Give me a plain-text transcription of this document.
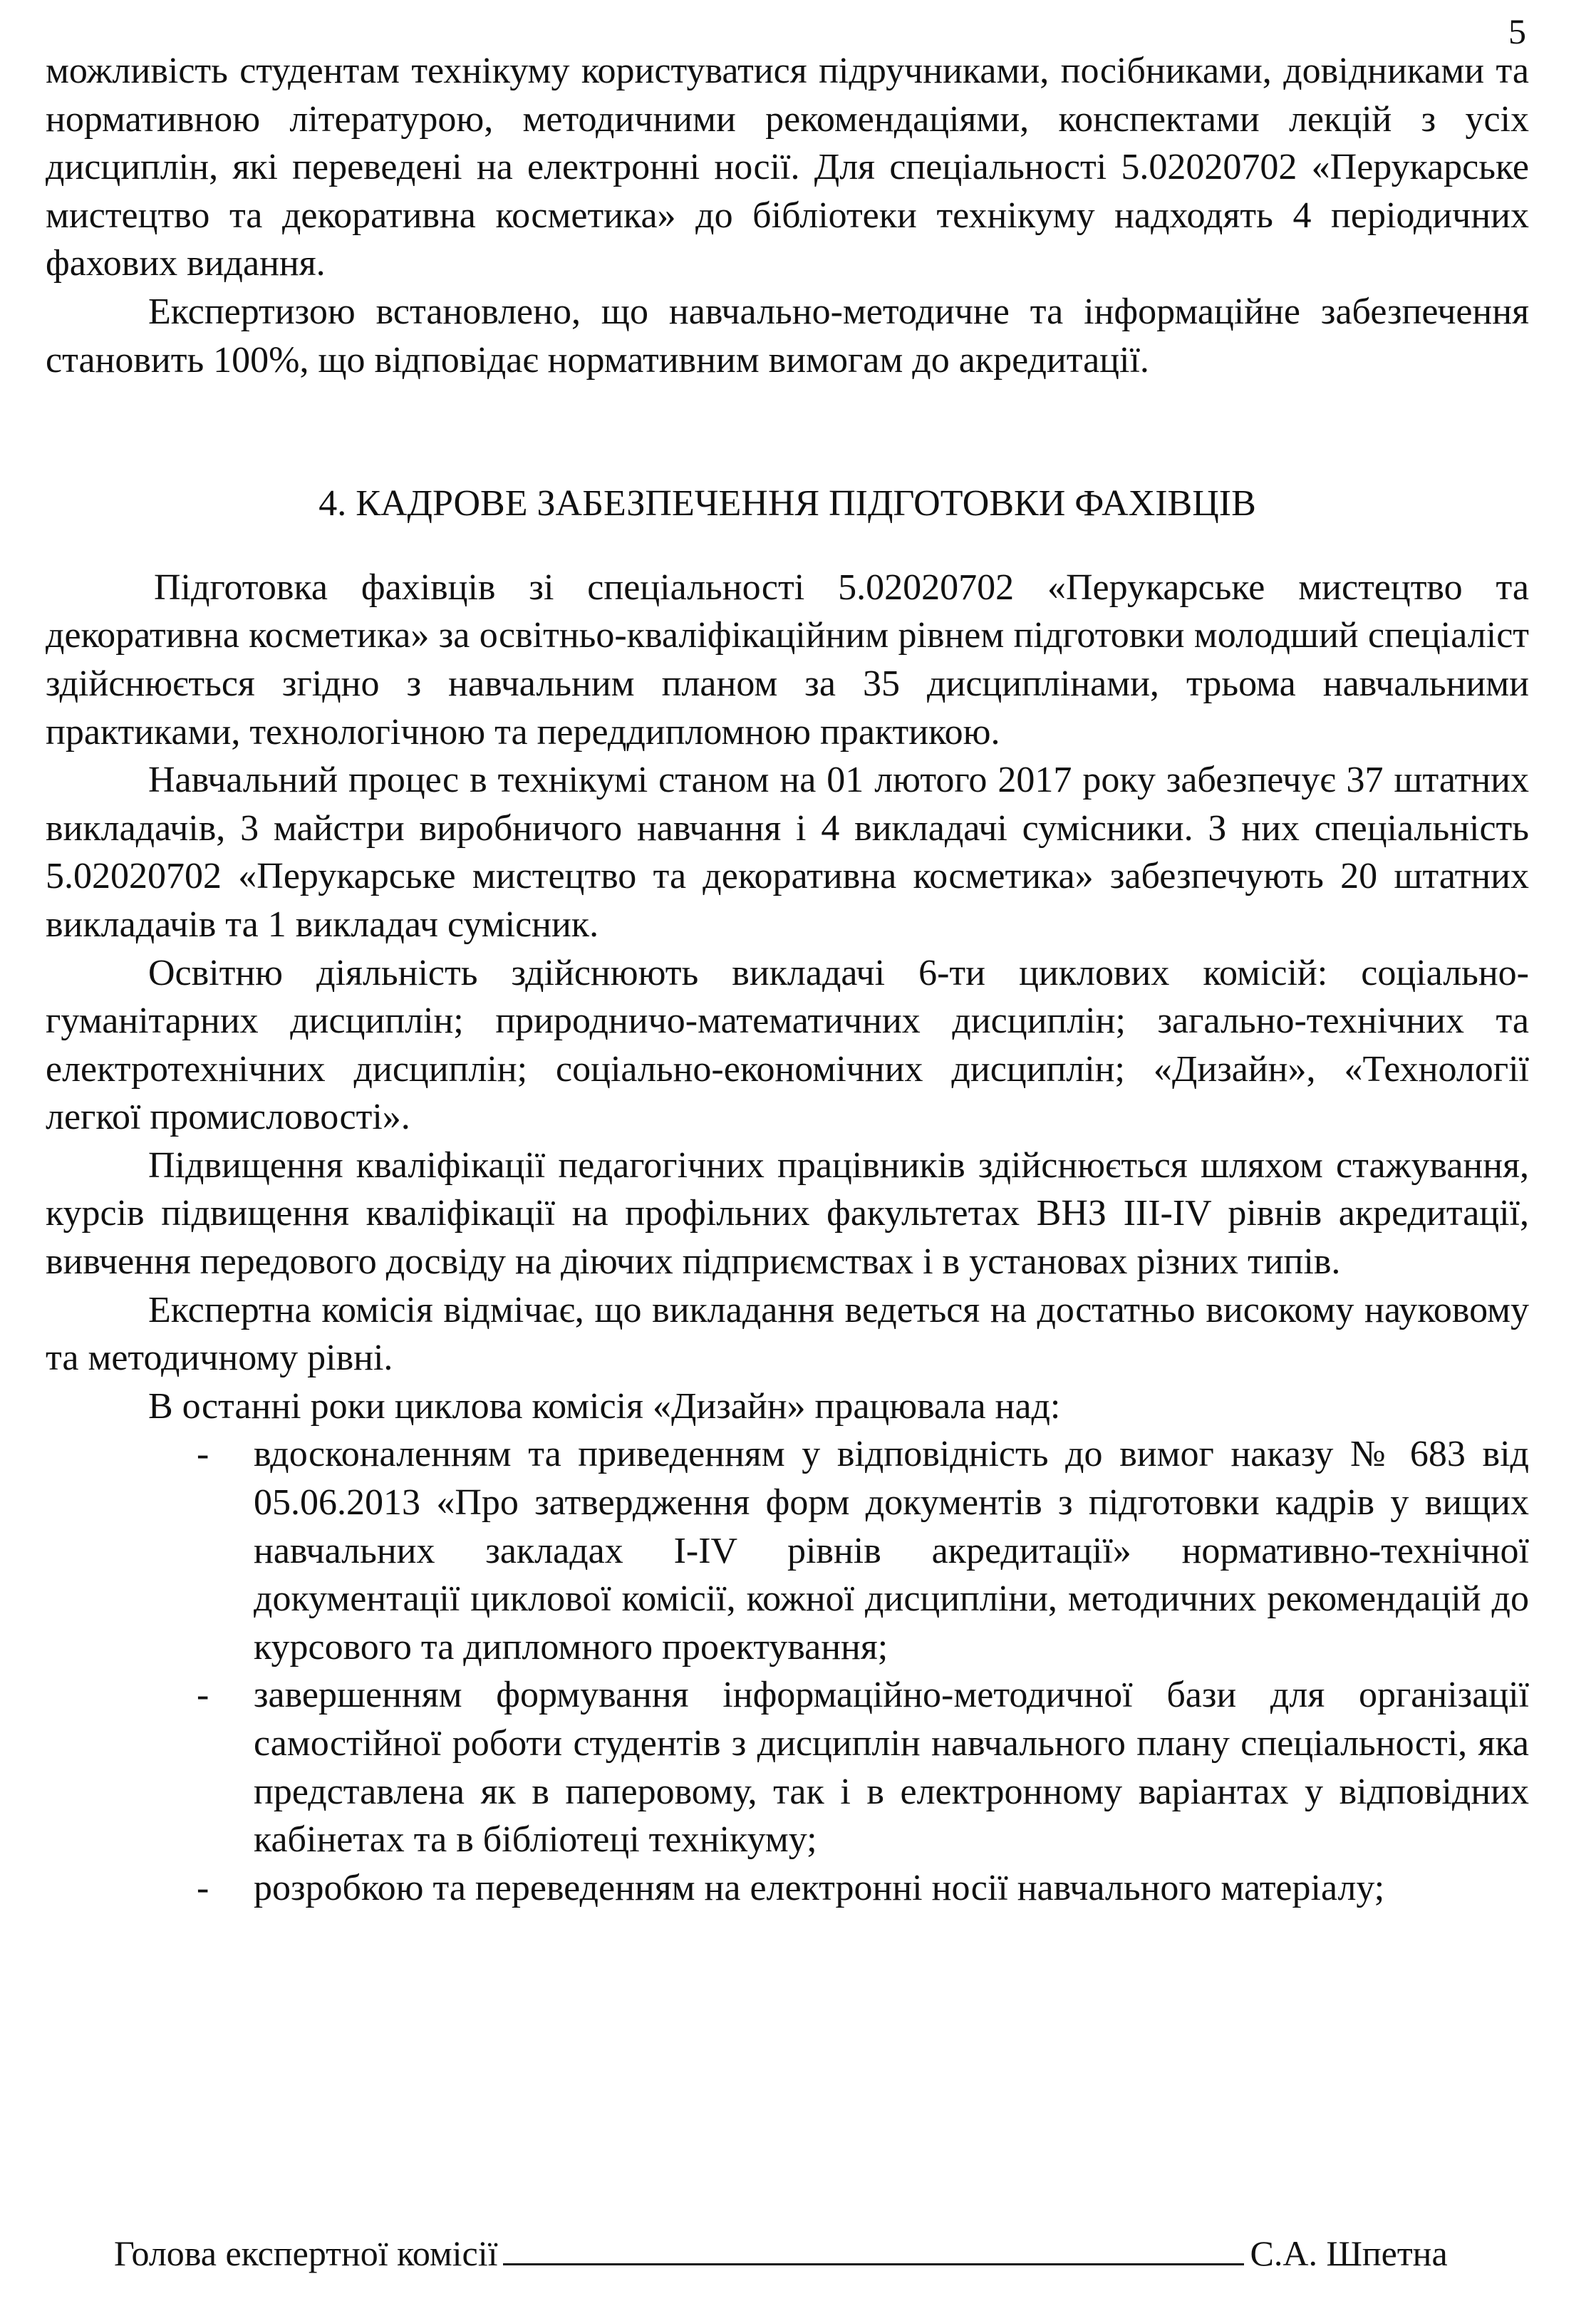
5

можливість студентам технікуму користуватися підручниками, посібниками, довідниками та нормативною літературою, методичними рекомендаціями, конспектами лекцій з усіх дисциплін, які переведені на електронні носії. Для спеціальності 5.02020702 «Перукарське мистецтво та декоративна косметика» до бібліотеки технікуму надходять 4 періодичних фахових видання.

Експертизою встановлено, що навчально-методичне та інформаційне забезпечення становить 100%, що відповідає нормативним вимогам до акредитації.

4. КАДРОВЕ ЗАБЕЗПЕЧЕННЯ ПІДГОТОВКИ ФАХІВЦІВ

Підготовка фахівців зі спеціальності 5.02020702 «Перукарське мистецтво та декоративна косметика» за освітньо-кваліфікаційним рівнем підготовки молодший спеціаліст здійснюється згідно з навчальним планом за 35 дисциплінами, трьома навчальними практиками, технологічною та переддипломною практикою.

Навчальний процес в технікумі станом на 01 лютого 2017 року забезпечує 37 штатних викладачів, 3 майстри виробничого навчання і 4 викладачі сумісники. З них спеціальність 5.02020702 «Перукарське мистецтво та декоративна косметика» забезпечують 20 штатних викладачів та 1 викладач сумісник.

Освітню діяльність здійснюють викладачі 6-ти циклових комісій: соціально-гуманітарних дисциплін; природничо-математичних дисциплін; загально-технічних та електротехнічних дисциплін; соціально-економічних дисциплін; «Дизайн», «Технології легкої промисловості».

Підвищення кваліфікації педагогічних працівників здійснюється шляхом стажування, курсів підвищення кваліфікації на профільних факультетах ВНЗ ІІІ-IV рівнів акредитації, вивчення передового досвіду на діючих підприємствах і в установах різних типів.

Експертна комісія відмічає, що викладання ведеться на достатньо високому науковому та методичному рівні.

В останні роки циклова комісія «Дизайн» працювала над:

- вдосконаленням та приведенням у відповідність до вимог наказу № 683 від 05.06.2013 «Про затвердження форм документів з підготовки кадрів у вищих навчальних закладах I-IV рівнів акредитації» нормативно-технічної документації циклової комісії, кожної дисципліни, методичних рекомендацій до курсового та дипломного проектування;
- завершенням формування інформаційно-методичної бази для організації самостійної роботи студентів з дисциплін навчального плану спеціальності, яка представлена як в паперовому, так і в електронному варіантах у відповідних кабінетах та в бібліотеці технікуму;
- розробкою та переведенням на електронні носії навчального матеріалу;
Голова експертної комісії	С.А. Шпетна
